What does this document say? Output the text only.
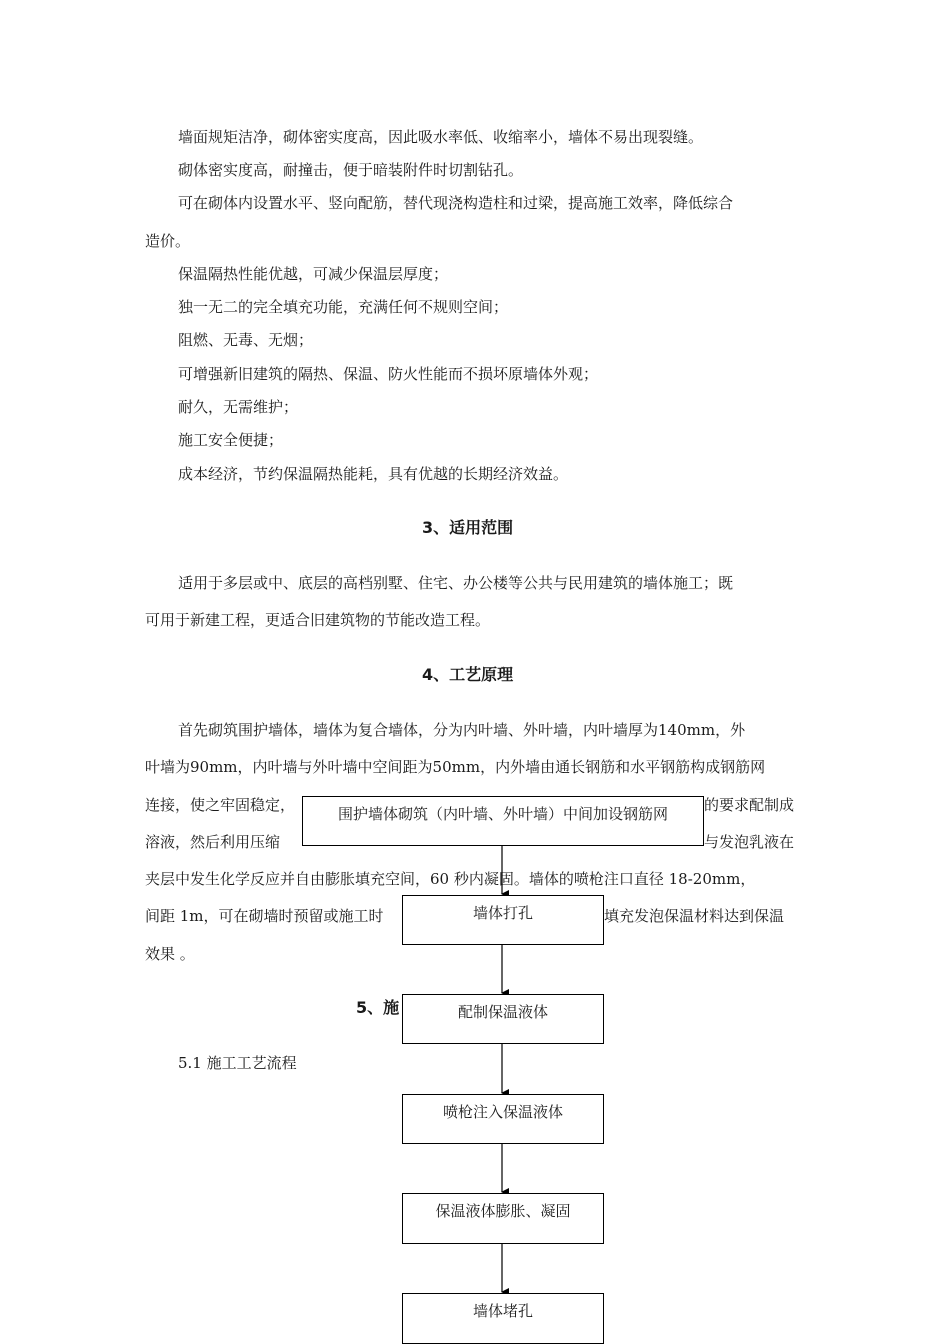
墙面规矩洁净，砌体密实度高，因此吸水率低、收缩率小，墙体不易出现裂缝。
砌体密实度高，耐撞击，便于暗装附件时切割钻孔。
可在砌体内设置水平、竖向配筋，替代现浇构造柱和过梁，提高施工效率，降低综合
造价。
保温隔热性能优越，可减少保温层厚度；
独一无二的完全填充功能，充满任何不规则空间；
阻燃、无毒、无烟；
可增强新旧建筑的隔热、保温、防火性能而不损坏原墙体外观；
耐久，无需维护；
施工安全便捷；
成本经济，节约保温隔热能耗，具有优越的长期经济效益。
3、适用范围
适用于多层或中、底层的高档别墅、住宅、办公楼等公共与民用建筑的墙体施工；既
可用于新建工程，更适合旧建筑物的节能改造工程。
4、工艺原理
首先砌筑围护墙体，墙体为复合墙体，分为内叶墙、外叶墙，内叶墙厚为140mm，外
叶墙为90mm，内叶墙与外叶墙中空间距为50mm，内外墙由通长钢筋和水平钢筋构成钢筋网
连接，使之牢固稳定，	的要求配制成
溶液，然后利用压缩	与发泡乳液在
夹层中发生化学反应并自由膨胀填充空间，60 秒内凝固。墙体的喷枪注口直径 18-20mm，
间距 1m，可在砌墙时预留或施工时	填充发泡保温材料达到保温
效果 。
5、施
5.1 施工工艺流程
围护墙体砌筑（内叶墙、外叶墙）中间加设钢筋网
墙体打孔
配制保温液体
喷枪注入保温液体
保温液体膨胀、凝固
墙体堵孔
